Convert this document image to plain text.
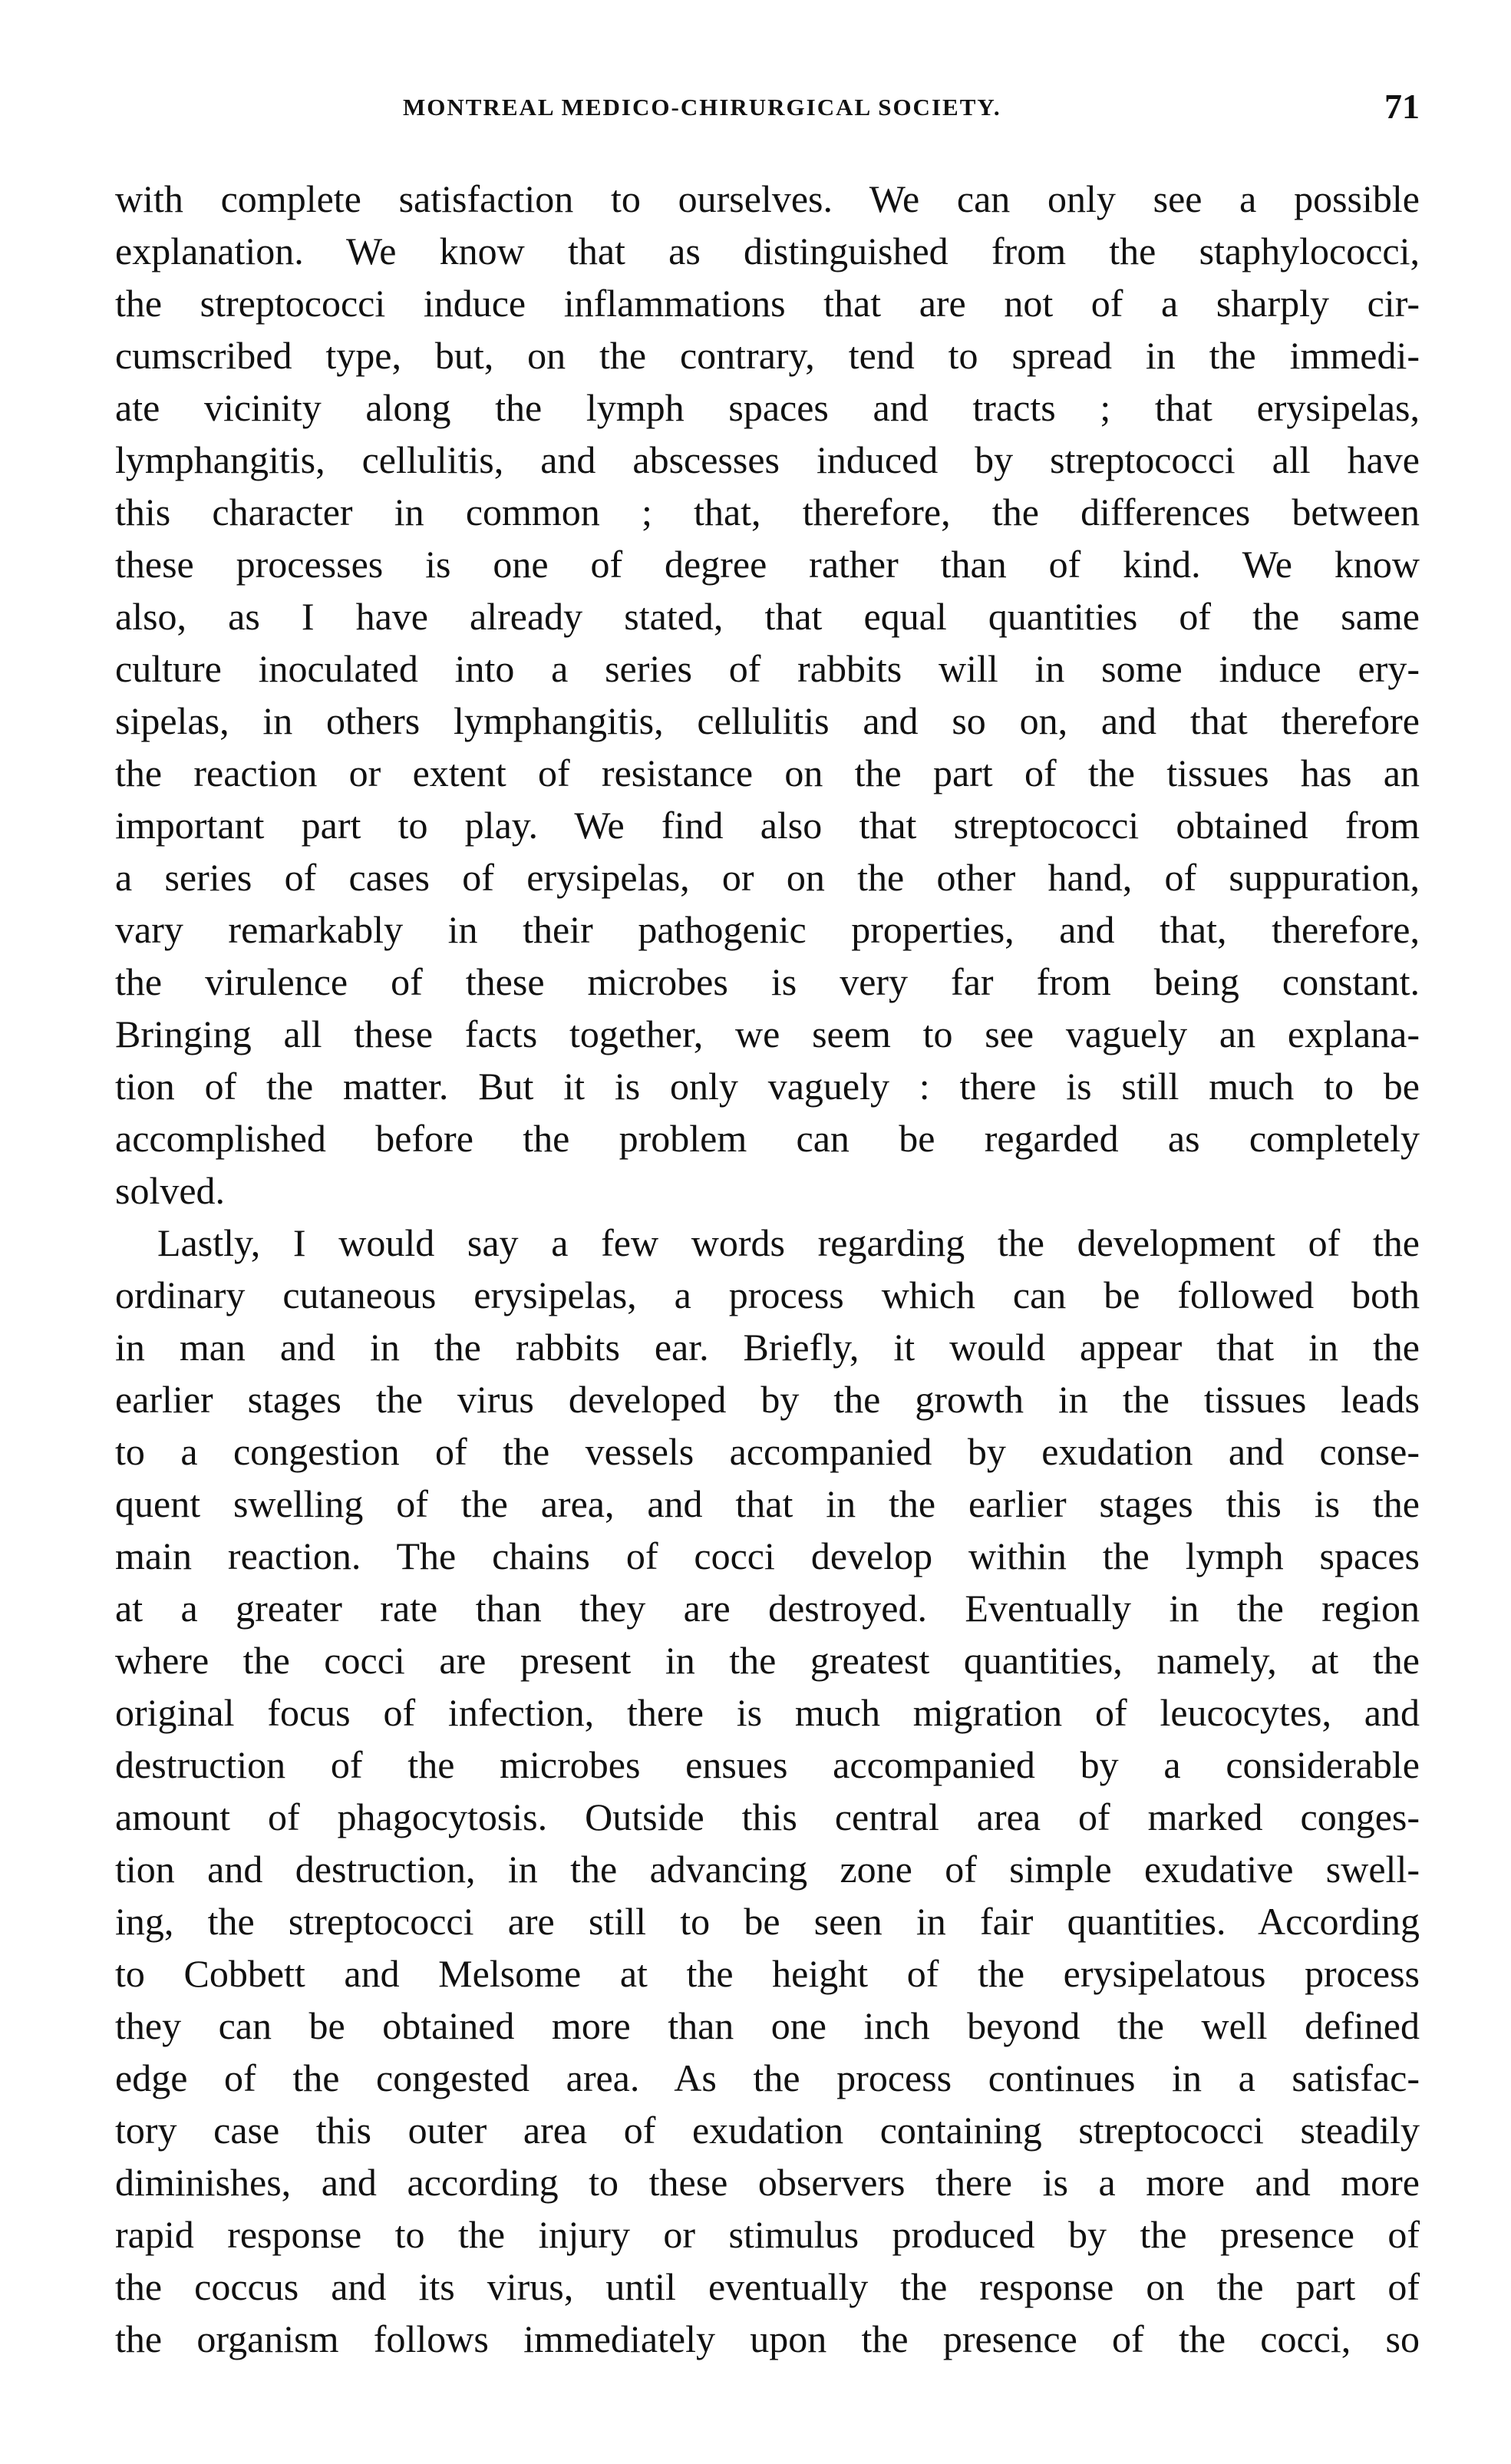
MONTREAL MEDICO-CHIRURGICAL SOCIETY.	71
with complete satisfaction to ourselves. We can only see a possible
explanation. We know that as distinguished from the staphylococci,
the streptococci induce inflammations that are not of a sharply cir-
cumscribed type, but, on the contrary, tend to spread in the immedi-
ate vicinity along the lymph spaces and tracts ; that erysipelas,
lymphangitis, cellulitis, and abscesses induced by streptococci all have
this character in common ; that, therefore, the differences between
these processes is one of degree rather than of kind. We know
also, as I have already stated, that equal quantities of the same
culture inoculated into a series of rabbits will in some induce ery-
sipelas, in others lymphangitis, cellulitis and so on, and that therefore
the reaction or extent of resistance on the part of the tissues has an
important part to play. We find also that streptococci obtained from
a series of cases of erysipelas, or on the other hand, of suppuration,
vary remarkably in their pathogenic properties, and that, therefore,
the virulence of these microbes is very far from being constant.
Bringing all these facts together, we seem to see vaguely an explana-
tion of the matter. But it is only vaguely : there is still much to be
accomplished before the problem can be regarded as completely
solved.
Lastly, I would say a few words regarding the development of the
ordinary cutaneous erysipelas, a process which can be followed both
in man and in the rabbits ear. Briefly, it would appear that in the
earlier stages the virus developed by the growth in the tissues leads
to a congestion of the vessels accompanied by exudation and conse-
quent swelling of the area, and that in the earlier stages this is the
main reaction. The chains of cocci develop within the lymph spaces
at a greater rate than they are destroyed. Eventually in the region
where the cocci are present in the greatest quantities, namely, at the
original focus of infection, there is much migration of leucocytes, and
destruction of the microbes ensues accompanied by a considerable
amount of phagocytosis. Outside this central area of marked conges-
tion and destruction, in the advancing zone of simple exudative swell-
ing, the streptococci are still to be seen in fair quantities. According
to Cobbett and Melsome at the height of the erysipelatous process
they can be obtained more than one inch beyond the well defined
edge of the congested area. As the process continues in a satisfac-
tory case this outer area of exudation containing streptococci steadily
diminishes, and according to these observers there is a more and more
rapid response to the injury or stimulus produced by the presence of
the coccus and its virus, until eventually the response on the part of
the organism follows immediately upon the presence of the cocci, so
